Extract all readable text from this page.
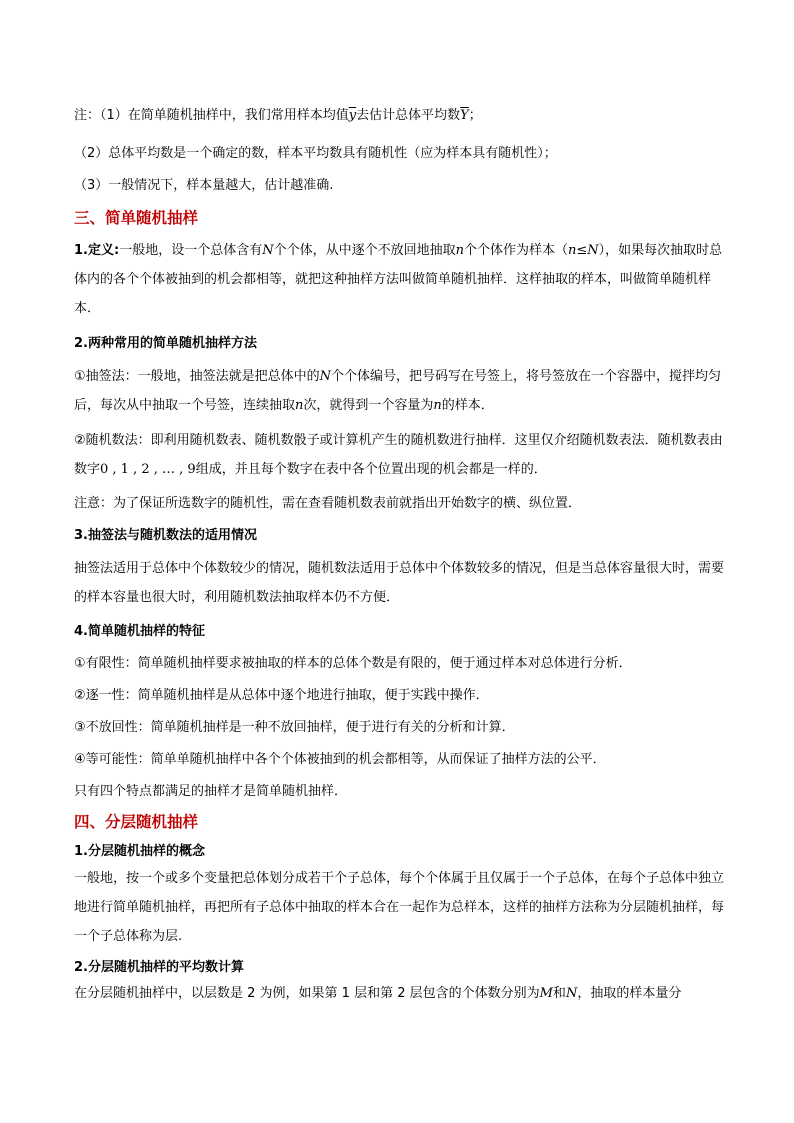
注：（1）在简单随机抽样中，我们常用样本均值$\overline{y}$去估计总体平均数$\overline{Y}$；

（2）总体平均数是一个确定的数，样本平均数具有随机性（应为样本具有随机性）；

（3）一般情况下，样本量越大，估计越准确.

三、简单随机抽样

1.定义:一般地，设一个总体含有N个个体，从中逐个不放回地抽取n个个体作为样本（n≤N），如果每次抽取时总体内的各个个体被抽到的机会都相等，就把这种抽样方法叫做简单随机抽样．这样抽取的样本，叫做简单随机样本．

2.两种常用的简单随机抽样方法

①抽签法：一般地，抽签法就是把总体中的N个个体编号，把号码写在号签上，将号签放在一个容器中，搅拌均匀后，每次从中抽取一个号签，连续抽取n次，就得到一个容量为n的样本．

②随机数法：即利用随机数表、随机数骰子或计算机产生的随机数进行抽样．这里仅介绍随机数表法．随机数表由数字0 , 1 , 2 , … , 9组成，并且每个数字在表中各个位置出现的机会都是一样的．

注意：为了保证所选数字的随机性，需在查看随机数表前就指出开始数字的横、纵位置．

3.抽签法与随机数法的适用情况

抽签法适用于总体中个体数较少的情况，随机数法适用于总体中个体数较多的情况，但是当总体容量很大时，需要的样本容量也很大时，利用随机数法抽取样本仍不方便．

4.简单随机抽样的特征

①有限性：简单随机抽样要求被抽取的样本的总体个数是有限的，便于通过样本对总体进行分析．

②逐一性：简单随机抽样是从总体中逐个地进行抽取，便于实践中操作．

③不放回性：简单随机抽样是一种不放回抽样，便于进行有关的分析和计算．

④等可能性：简单单随机抽样中各个个体被抽到的机会都相等，从而保证了抽样方法的公平．

只有四个特点都满足的抽样才是简单随机抽样．

四、分层随机抽样

1.分层随机抽样的概念

一般地，按一个或多个变量把总体划分成若干个子总体，每个个体属于且仅属于一个子总体，在每个子总体中独立地进行简单随机抽样，再把所有子总体中抽取的样本合在一起作为总样本，这样的抽样方法称为分层随机抽样，每一个子总体称为层.

2.分层随机抽样的平均数计算

在分层随机抽样中，以层数是 2 为例，如果第 1 层和第 2 层包含的个体数分别为M和N，抽取的样本量分
